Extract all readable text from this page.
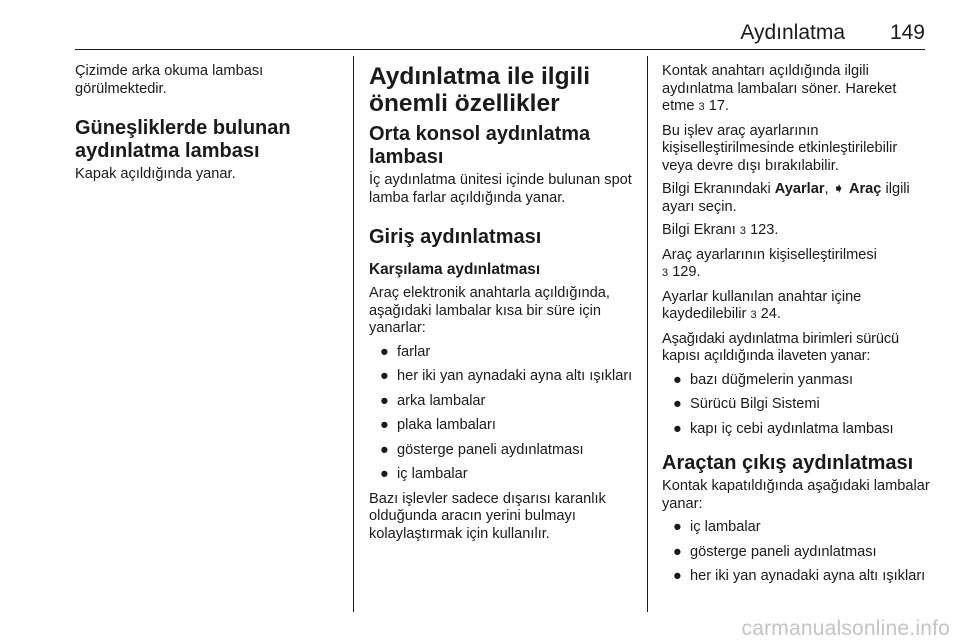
Aydınlatma 149

Çizimde arka okuma lambası görülmektedir.

Güneşliklerde bulunan aydınlatma lambası

Kapak açıldığında yanar.

Aydınlatma ile ilgili önemli özellikler
Orta konsol aydınlatma lambası

İç aydınlatma ünitesi içinde bulunan spot lamba farlar açıldığında yanar.

Giriş aydınlatması
Karşılama aydınlatması

Araç elektronik anahtarla açıldığında, aşağıdaki lambalar kısa bir süre için yanarlar:

● farlar
● her iki yan aynadaki ayna altı ışıkları
● arka lambalar
● plaka lambaları
● gösterge paneli aydınlatması
● iç lambalar

Bazı işlevler sadece dışarısı karanlık olduğunda aracın yerini bulmayı kolaylaştırmak için kullanılır.

Kontak anahtarı açıldığında ilgili aydınlatma lambaları söner. Hareket etme 3 17.

Bu işlev araç ayarlarının kişiselleştirilmesinde etkinleştirilebilir veya devre dışı bırakılabilir.

Bilgi Ekranındaki Ayarlar, ➧ Araç ilgili ayarı seçin.

Bilgi Ekranı 3 123.

Araç ayarlarının kişiselleştirilmesi
3 129.

Ayarlar kullanılan anahtar içine kaydedilebilir 3 24.

Aşağıdaki aydınlatma birimleri sürücü kapısı açıldığında ilaveten yanar:

● bazı düğmelerin yanması
● Sürücü Bilgi Sistemi
● kapı iç cebi aydınlatma lambası
Araçtan çıkış aydınlatması

Kontak kapatıldığında aşağıdaki lambalar yanar:

● iç lambalar
● gösterge paneli aydınlatması
● her iki yan aynadaki ayna altı ışıkları
carmanualsonline.info
